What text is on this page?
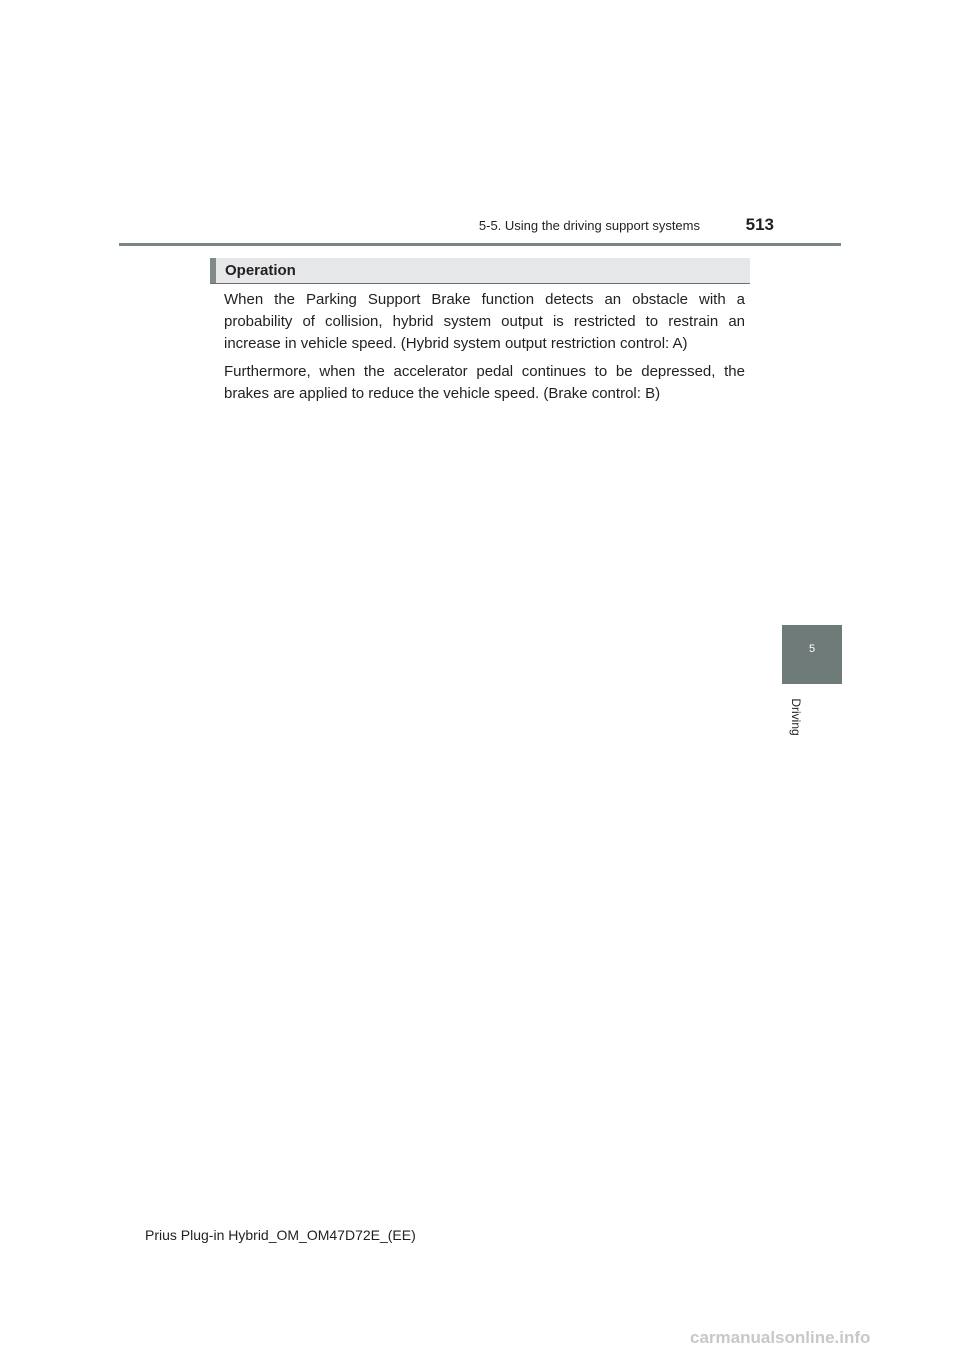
5-5. Using the driving support systems	513
Operation
When the Parking Support Brake function detects an obstacle with a probability of collision, hybrid system output is restricted to restrain an increase in vehicle speed. (Hybrid system output restriction control: A)
Furthermore, when the accelerator pedal continues to be depressed, the brakes are applied to reduce the vehicle speed. (Brake control: B)
5
Driving
Prius Plug-in Hybrid_OM_OM47D72E_(EE)
carmanualsonline.info
